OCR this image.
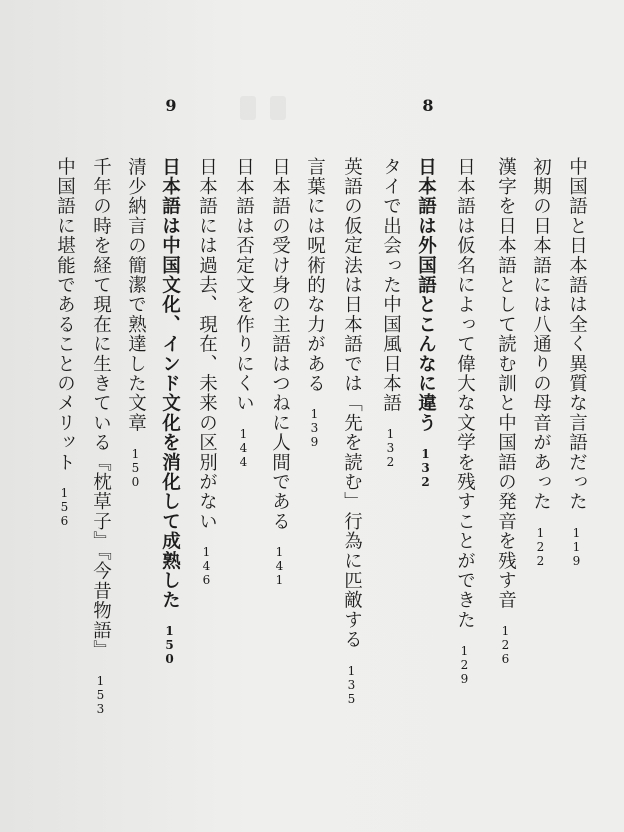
8
9
中国語と日本語は全く異質な言語だった119
初期の日本語には八通りの母音があった122
漢字を日本語として読む訓と中国語の発音を残す音126
日本語は仮名によって偉大な文学を残すことができた129
日本語は外国語とこんなに違う132
タイで出会った中国風日本語132
英語の仮定法は日本語では「先を読む」行為に匹敵する135
言葉には呪術的な力がある139
日本語の受け身の主語はつねに人間である141
日本語は否定文を作りにくい144
日本語には過去、現在、未来の区別がない146
日本語は中国文化、インド文化を消化して成熟した150
清少納言の簡潔で熟達した文章150
千年の時を経て現在に生きている『枕草子』『今昔物語』153
中国語に堪能であることのメリット156
